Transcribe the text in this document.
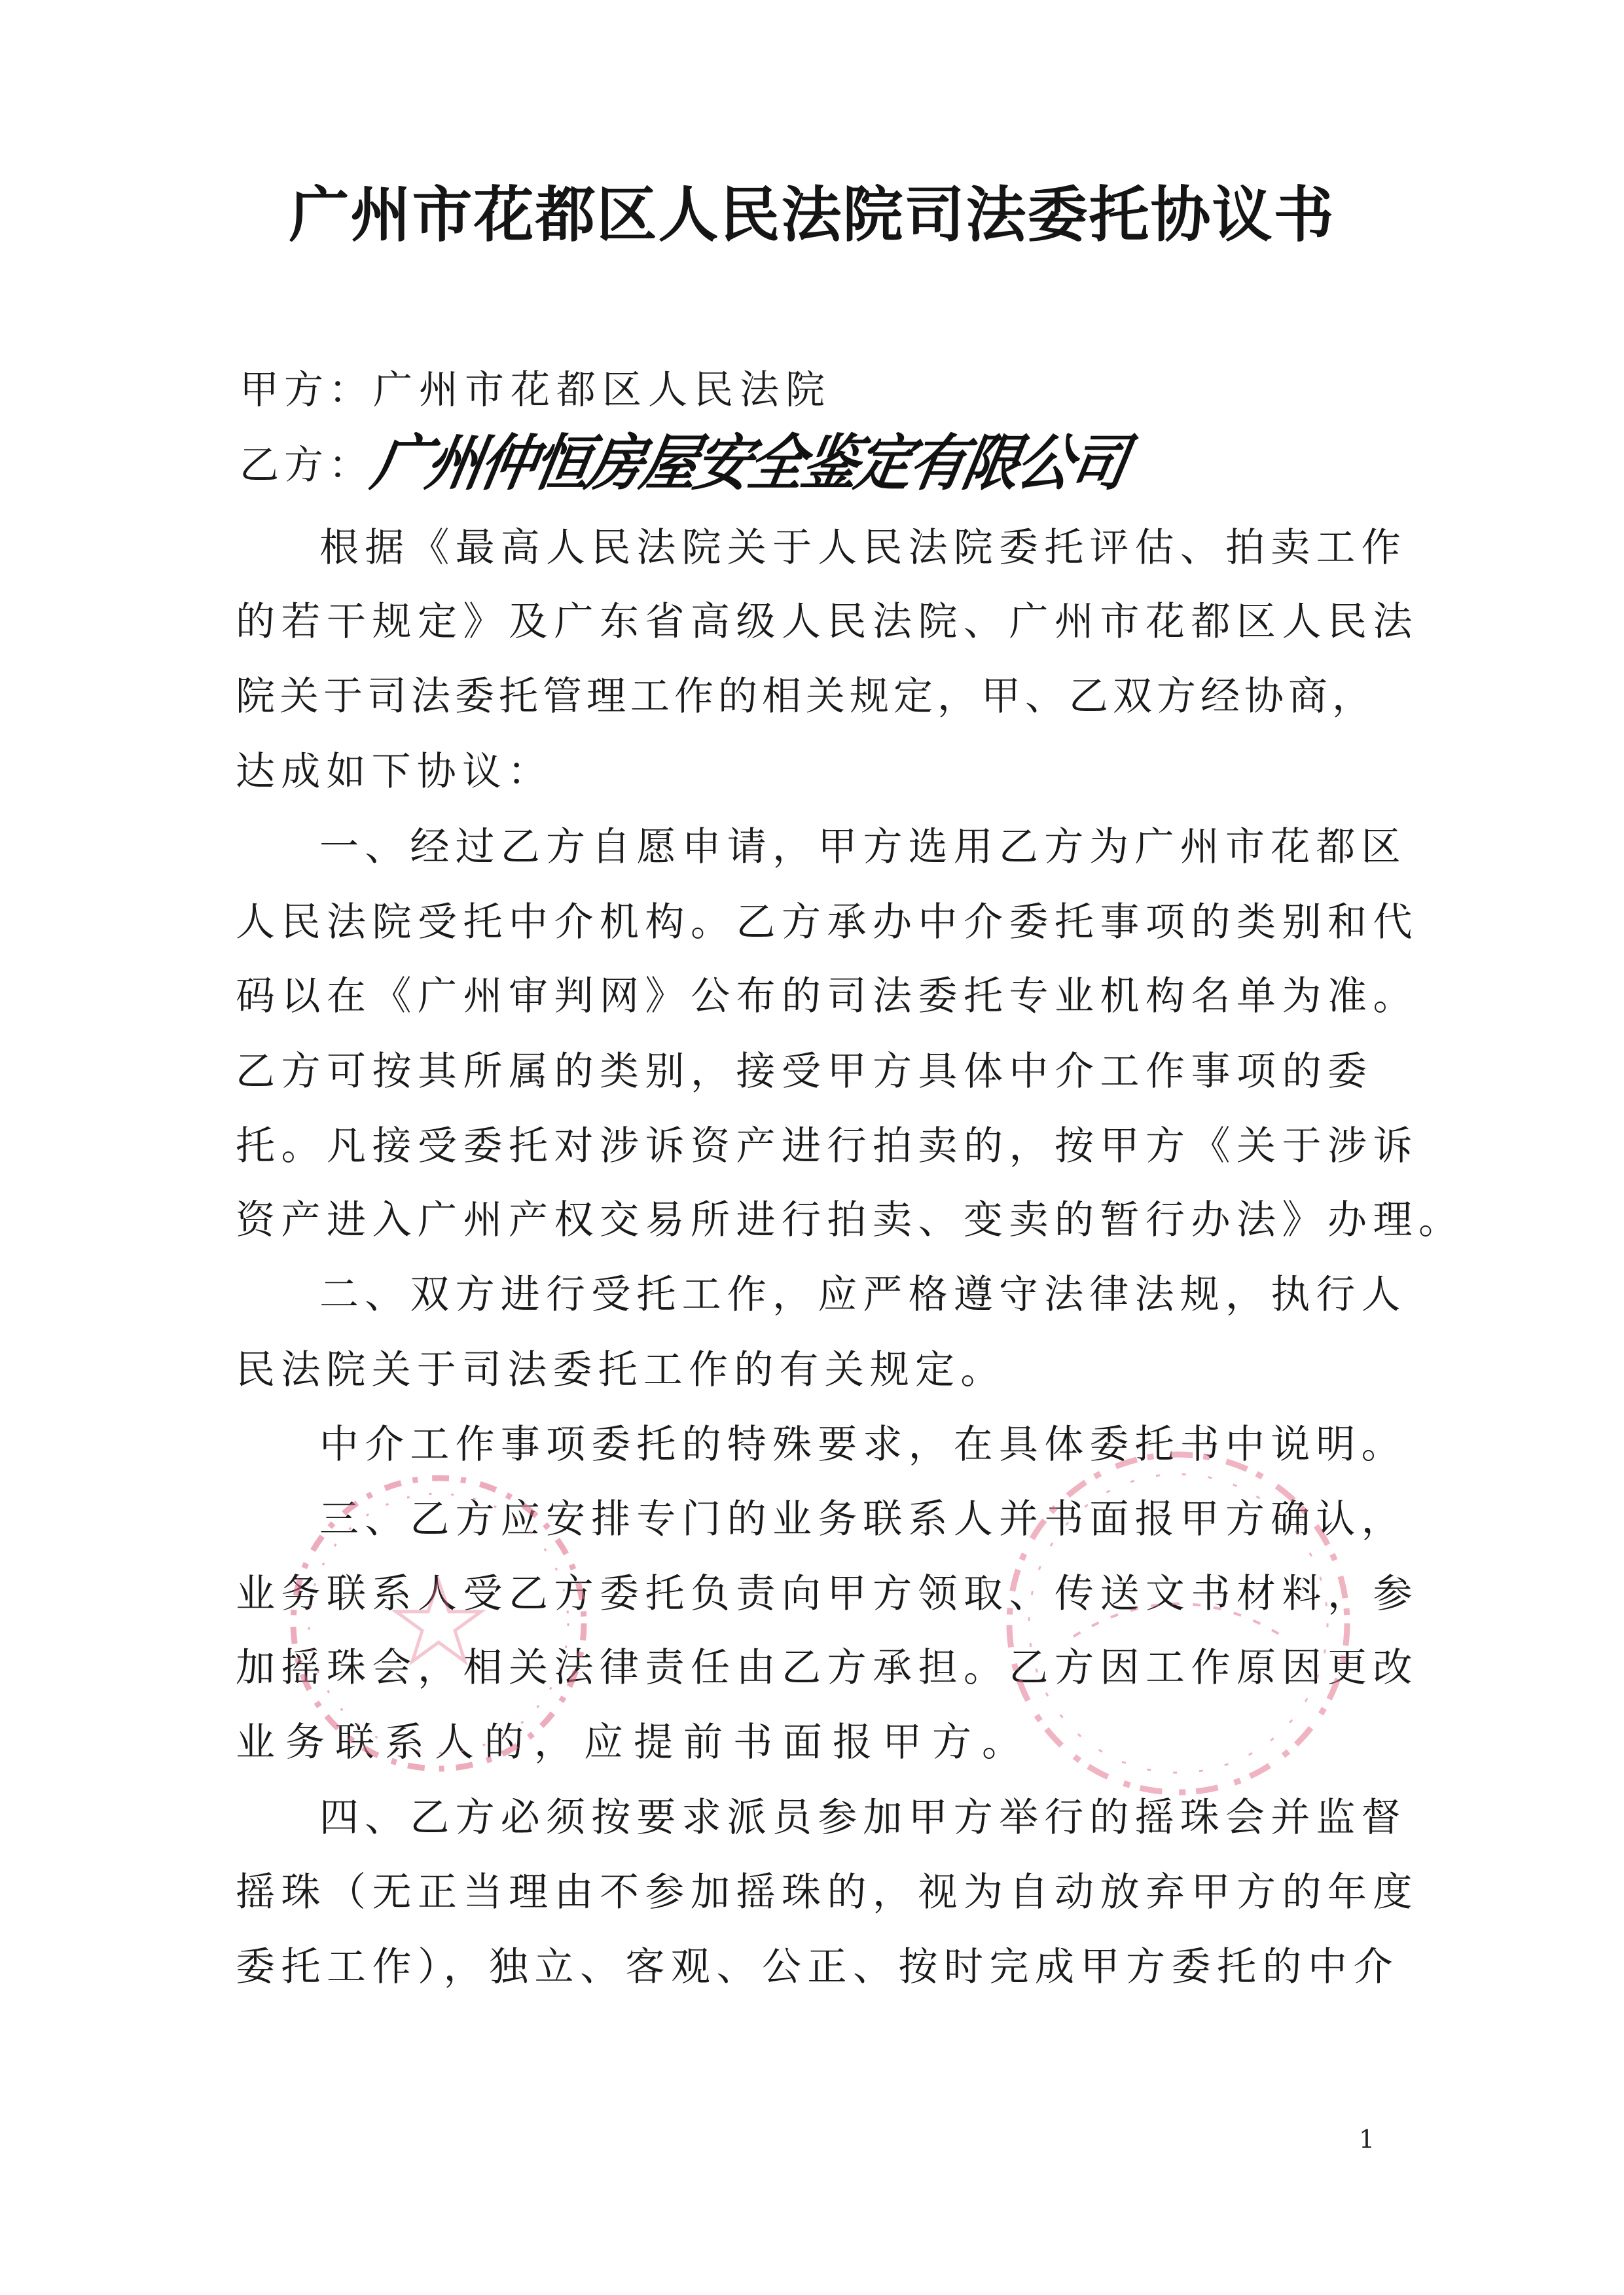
广州市花都区人民法院司法委托协议书
甲方：广州市花都区人民法院
乙方：广州仲恒房屋安全鉴定有限公司
根据《最高人民法院关于人民法院委托评估、拍卖工作
的若干规定》及广东省高级人民法院、广州市花都区人民法
院关于司法委托管理工作的相关规定，甲、乙双方经协商，
达成如下协议：
一、经过乙方自愿申请，甲方选用乙方为广州市花都区
人民法院受托中介机构。乙方承办中介委托事项的类别和代
码以在《广州审判网》公布的司法委托专业机构名单为准。
乙方可按其所属的类别，接受甲方具体中介工作事项的委
托。凡接受委托对涉诉资产进行拍卖的，按甲方《关于涉诉
资产进入广州产权交易所进行拍卖、变卖的暂行办法》办理。
二、双方进行受托工作，应严格遵守法律法规，执行人
民法院关于司法委托工作的有关规定。
中介工作事项委托的特殊要求，在具体委托书中说明。
三、乙方应安排专门的业务联系人并书面报甲方确认，
业务联系人受乙方委托负责向甲方领取、传送文书材料，参
加摇珠会，相关法律责任由乙方承担。乙方因工作原因更改
业务联系人的，应提前书面报甲方。
四、乙方必须按要求派员参加甲方举行的摇珠会并监督
摇珠（无正当理由不参加摇珠的，视为自动放弃甲方的年度
委托工作），独立、客观、公正、按时完成甲方委托的中介
1
